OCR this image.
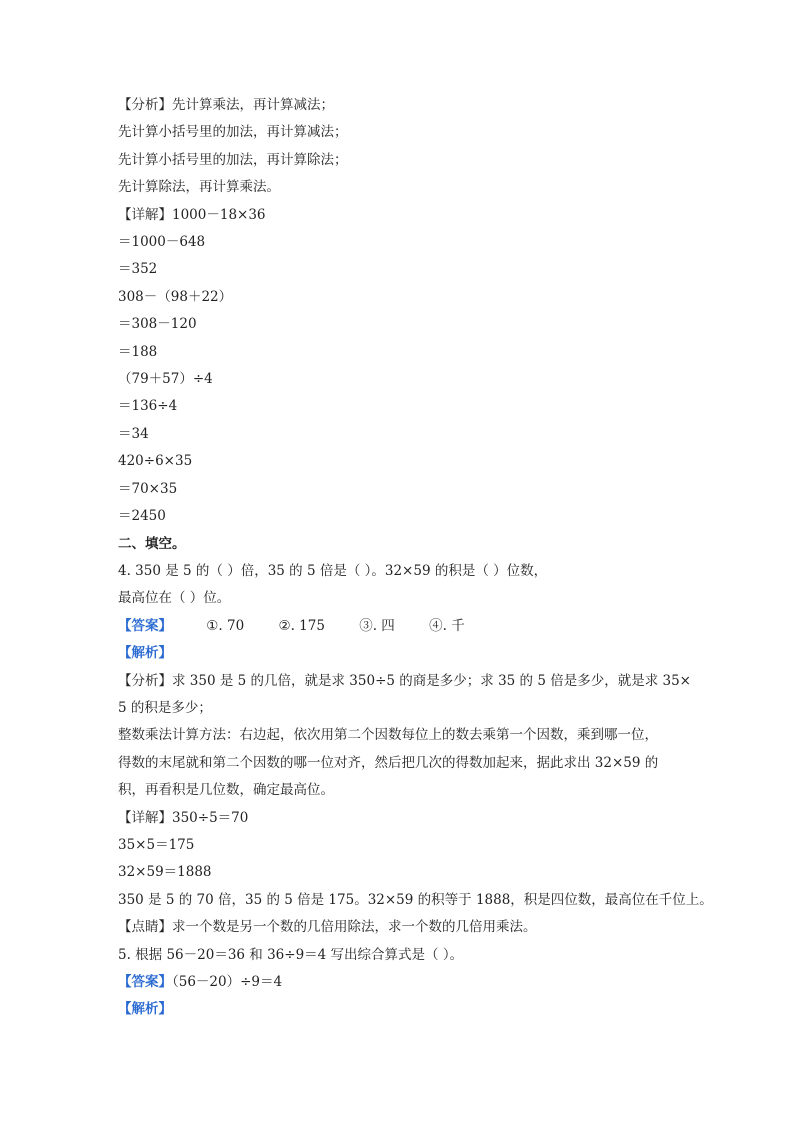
【分析】先计算乘法，再计算减法；
先计算小括号里的加法，再计算减法；
先计算小括号里的加法，再计算除法；
先计算除法，再计算乘法。
【详解】1000－18×36
＝1000－648
＝352
308－（98＋22）
＝308－120
＝188
（79＋57）÷4
＝136÷4
＝34
420÷6×35
＝70×35
＝2450
二、填空。
4. 350 是 5 的（ ）倍，35 的 5 倍是（ ）。32×59 的积是（ ）位数，
最高位在（ ）位。
【答案】	①. 70	②. 175	③. 四	④. 千
【解析】
【分析】求 350 是 5 的几倍，就是求 350÷5 的商是多少；求 35 的 5 倍是多少，就是求 35×
5 的积是多少；
整数乘法计算方法：右边起，依次用第二个因数每位上的数去乘第一个因数，乘到哪一位，
得数的末尾就和第二个因数的哪一位对齐，然后把几次的得数加起来，据此求出 32×59 的
积，再看积是几位数，确定最高位。
【详解】350÷5＝70
35×5＝175
32×59＝1888
350 是 5 的 70 倍，35 的 5 倍是 175。32×59 的积等于 1888，积是四位数，最高位在千位上。
【点睛】求一个数是另一个数的几倍用除法，求一个数的几倍用乘法。
5. 根据 56－20＝36 和 36÷9＝4 写出综合算式是（ ）。
【答案】（56－20）÷9＝4
【解析】
